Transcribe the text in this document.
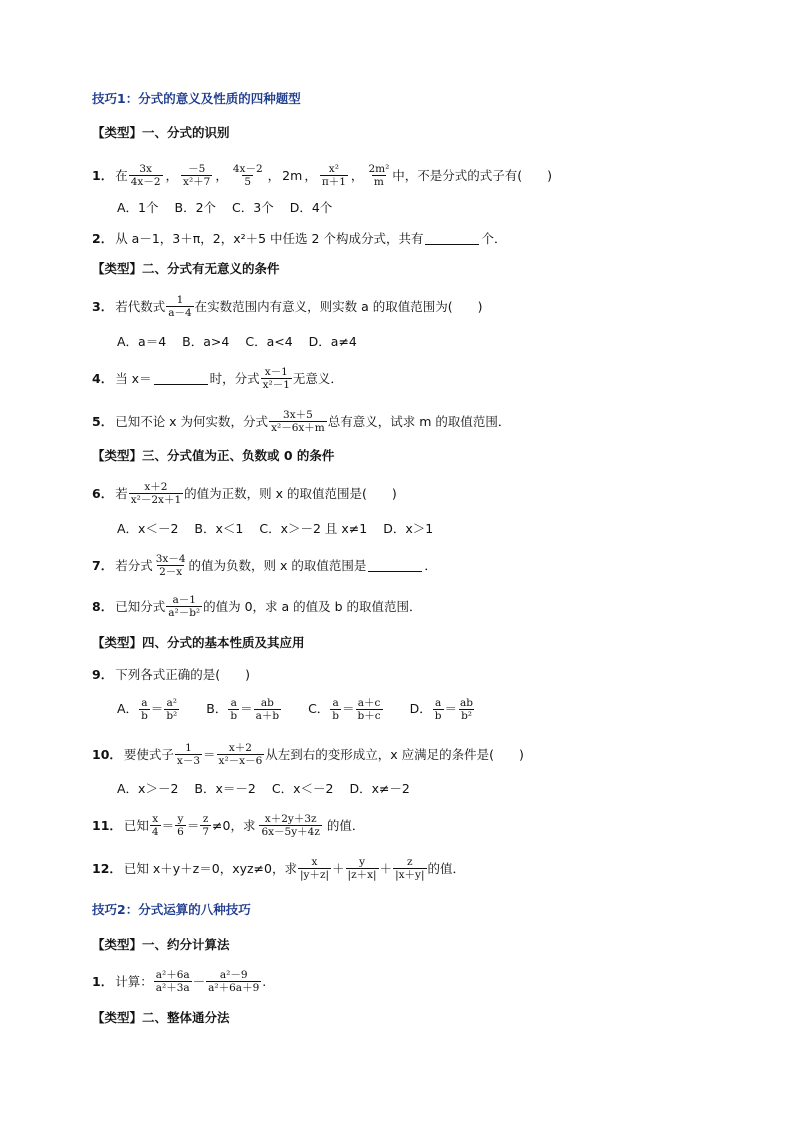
技巧1：分式的意义及性质的四种题型
【类型】一、分式的识别
1． 在 $\frac{3x}{4x-2}$ ， $\frac{-5}{\text{x²＋7}}$ ， $\frac{4x-2}{5}$ ， 2m ， $\frac{\text{x²}}{\pi+1}$ ， $\frac{\text{2m²}}{m}$ 中，不是分式的式子有(　　)
A．1个 B．2个 C．3个 D．4个
2． 从 a－1，3＋π，2，x²＋5 中任选 2 个构成分式，共有	个．
【类型】二、分式有无意义的条件
3． 若代数式 $\frac{1}{a-4}$ 在实数范围内有意义，则实数 a 的取值范围为(　　)
A．a＝4 B．a>4 C．a<4 D．a≠4
4． 当 x＝	时，分式 $\frac{x-1}{\text{x²－1}}$ 无意义．
5． 已知不论 x 为何实数，分式 $\frac{3x+5}{\text{x²－6x＋m}}$ 总有意义，试求 m 的取值范围．
【类型】三、分式值为正、负数或 0 的条件
6． 若 $\frac{x+2}{\text{x²－2x＋1}}$ 的值为正数，则 x 的取值范围是(　　)
A．x＜－2 B．x＜1 C．x＞－2 且 x≠1 D．x＞1
7． 若分式 $\frac{3x-4}{2-x}$ 的值为负数，则 x 的取值范围是	．
8． 已知分式 $\frac{a-1}{\text{a²－b²}}$ 的值为 0，求 a 的值及 b 的取值范围．
【类型】四、分式的基本性质及其应用
9． 下列各式正确的是(　　)
A． $\frac{a}{b} = \frac{\text{a²}}{\text{b²}}$ B． $\frac{a}{b} = \frac{ab}{a+b}$ C． $\frac{a}{b} = \frac{a+c}{b+c}$ D． $\frac{a}{b} = \frac{ab}{\text{b²}}$
10． 要使式子 $\frac{1}{x-3} = \frac{x+2}{\text{x²－x－6}}$ 从左到右的变形成立，x 应满足的条件是(　　)
A．x＞－2 B．x＝－2 C．x＜－2 D．x≠－2
11． 已知 $\frac{x}{4} = \frac{y}{6} = \frac{z}{7} \ne 0$，求 $\frac{x+2y+3z}{6x-5y+4z}$ 的值．
12． 已知 x＋y＋z＝0，xyz≠0，求 $\frac{x}{|y+z|} + \frac{y}{|z+x|} + \frac{z}{|x+y|}$ 的值．
技巧2：分式运算的八种技巧
【类型】一、约分计算法
1． 计算： $\frac{\text{a²＋6a}}{\text{a²＋3a}} - \frac{\text{a²－9}}{\text{a²＋6a＋9}}$ .
【类型】二、整体通分法
